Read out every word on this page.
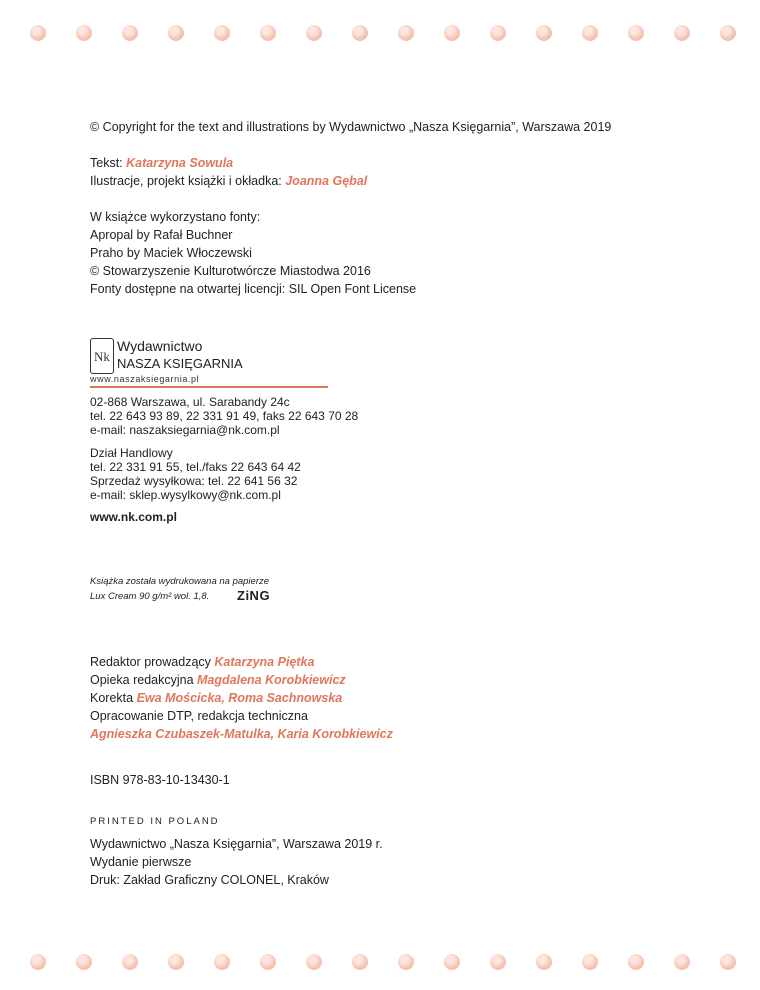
© Copyright for the text and illustrations by Wydawnictwo „Nasza Księgarnia”, Warszawa 2019
Tekst: Katarzyna Sowula
Ilustracje, projekt książki i okładka: Joanna Gębal
W książce wykorzystano fonty:
Apropal by Rafał Buchner
Praho by Maciek Włoczewski
© Stowarzyszenie Kulturotwórcze Miastodwa 2016
Fonty dostępne na otwartej licencji: SIL Open Font License
Nk
Wydawnictwo
NASZA KSIĘGARNIA
www.naszaksiegarnia.pl
02-868 Warszawa, ul. Sarabandy 24c
tel. 22 643 93 89, 22 331 91 49, faks 22 643 70 28
e-mail: naszaksiegarnia@nk.com.pl
Dział Handlowy
tel. 22 331 91 55, tel./faks 22 643 64 42
Sprzedaż wysyłkowa: tel. 22 641 56 32
e-mail: sklep.wysylkowy@nk.com.pl
www.nk.com.pl
Książka została wydrukowana na papierze
Lux Cream 90 g/m² wol. 1,8. ZiNG
Redaktor prowadzący Katarzyna Piętka
Opieka redakcyjna Magdalena Korobkiewicz
Korekta Ewa Mościcka, Roma Sachnowska
Opracowanie DTP, redakcja techniczna
Agnieszka Czubaszek-Matulka, Karia Korobkiewicz
ISBN 978-83-10-13430-1
PRINTED IN POLAND
Wydawnictwo „Nasza Księgarnia”, Warszawa 2019 r.
Wydanie pierwsze
Druk: Zakład Graficzny COLONEL, Kraków
